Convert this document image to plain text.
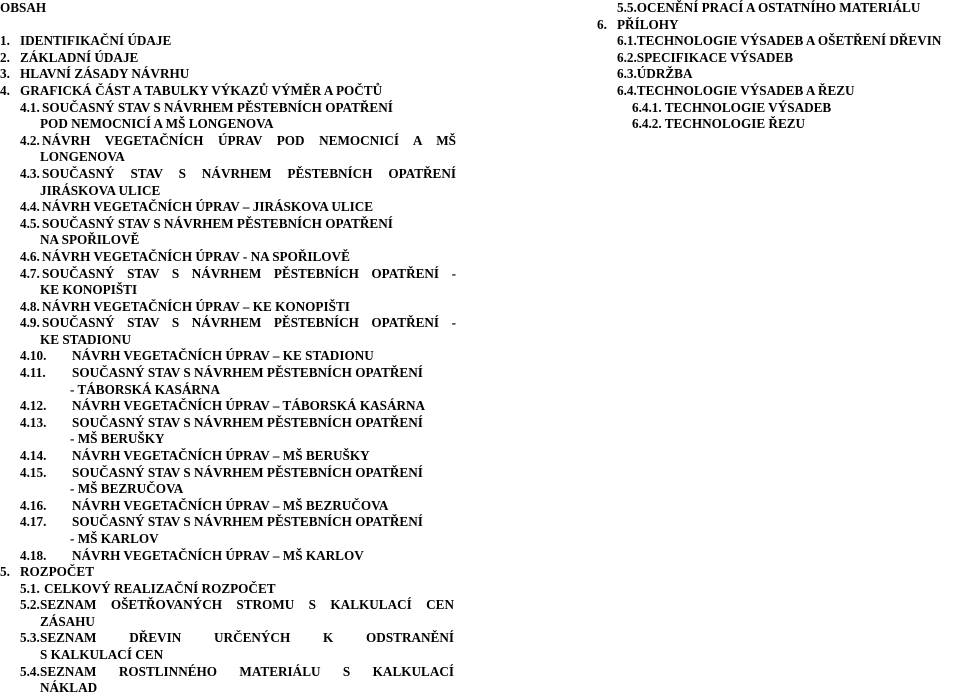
OBSAH
1. IDENTIFIKAČNÍ ÚDAJE
2. ZÁKLADNÍ ÚDAJE
3. HLAVNÍ ZÁSADY NÁVRHU
4. GRAFICKÁ ČÁST A TABULKY VÝKAZŮ VÝMĚR A POČTŮ
4.1. SOUČASNÝ STAV S NÁVRHEM PĚSTEBNÍCH OPATŘENÍ
POD NEMOCNICÍ A MŠ LONGENOVA
4.2. NÁVRH VEGETAČNÍCH ÚPRAV POD NEMOCNICÍ A MŠ
LONGENOVA
4.3. SOUČASNÝ STAV S NÁVRHEM PĚSTEBNÍCH OPATŘENÍ
JIRÁSKOVA ULICE
4.4. NÁVRH VEGETAČNÍCH ÚPRAV – JIRÁSKOVA ULICE
4.5. SOUČASNÝ STAV S NÁVRHEM PĚSTEBNÍCH OPATŘENÍ
NA SPOŘILOVĚ
4.6. NÁVRH VEGETAČNÍCH ÚPRAV - NA SPOŘILOVĚ
4.7. SOUČASNÝ STAV S NÁVRHEM PĚSTEBNÍCH OPATŘENÍ -
KE KONOPIŠTI
4.8. NÁVRH VEGETAČNÍCH ÚPRAV – KE KONOPIŠTI
4.9. SOUČASNÝ STAV S NÁVRHEM PĚSTEBNÍCH OPATŘENÍ -
KE STADIONU
4.10.	NÁVRH VEGETAČNÍCH ÚPRAV – KE STADIONU
4.11.	SOUČASNÝ STAV S NÁVRHEM PĚSTEBNÍCH OPATŘENÍ
- TÁBORSKÁ KASÁRNA
4.12.	NÁVRH VEGETAČNÍCH ÚPRAV – TÁBORSKÁ KASÁRNA
4.13.	SOUČASNÝ STAV S NÁVRHEM PĚSTEBNÍCH OPATŘENÍ
- MŠ BERUŠKY
4.14.	NÁVRH VEGETAČNÍCH ÚPRAV – MŠ BERUŠKY
4.15.	SOUČASNÝ STAV S NÁVRHEM PĚSTEBNÍCH OPATŘENÍ
- MŠ BEZRUČOVA
4.16.	NÁVRH VEGETAČNÍCH ÚPRAV – MŠ BEZRUČOVA
4.17.	SOUČASNÝ STAV S NÁVRHEM PĚSTEBNÍCH OPATŘENÍ
- MŠ KARLOV
4.18.	NÁVRH VEGETAČNÍCH ÚPRAV – MŠ KARLOV
5.5.OCENĚNÍ PRACÍ A OSTATNÍHO MATERIÁLU
6. PŘÍLOHY
6.1.TECHNOLOGIE VÝSADEB A OŠETŘENÍ DŘEVIN
6.2.SPECIFIKACE VÝSADEB
6.3.ÚDRŽBA
6.4.TECHNOLOGIE VÝSADEB A ŘEZU
6.4.1. TECHNOLOGIE VÝSADEB
6.4.2. TECHNOLOGIE ŘEZU
5. ROZPOČET
5.1. CELKOVÝ REALIZAČNÍ ROZPOČET
5.2. SEZNAM OŠETŘOVANÝCH STROMU S KALKULACÍ CEN
ZÁSAHU
5.3. SEZNAM DŘEVIN URČENÝCH K ODSTRANĚNÍ
S KALKULACÍ CEN
5.4. SEZNAM ROSTLINNÉHO MATERIÁLU S KALKULACÍ
NÁKLAD
